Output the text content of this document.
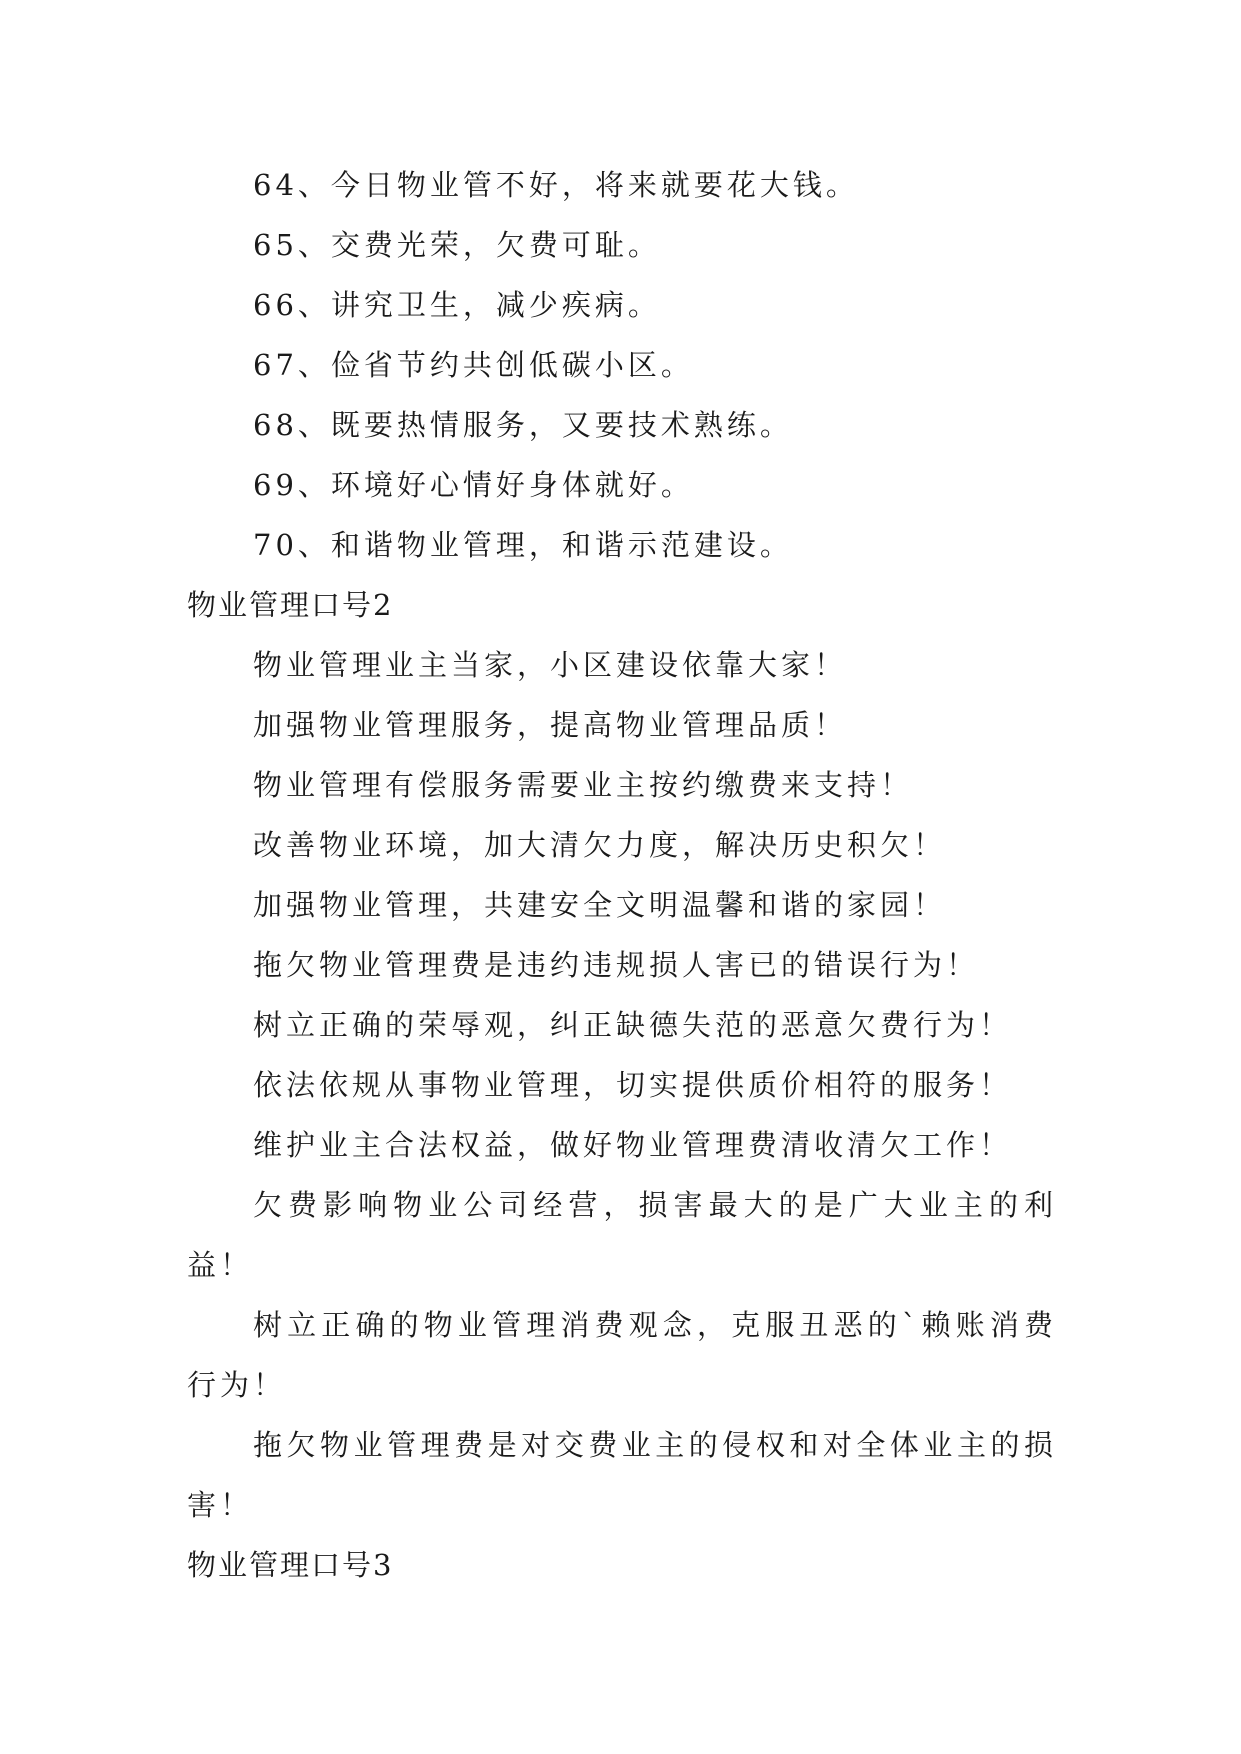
64、今日物业管不好，将来就要花大钱。
65、交费光荣，欠费可耻。
66、讲究卫生，减少疾病。
67、俭省节约共创低碳小区。
68、既要热情服务，又要技术熟练。
69、环境好心情好身体就好。
70、和谐物业管理，和谐示范建设。
物业管理口号2
物业管理业主当家，小区建设依靠大家！
加强物业管理服务，提高物业管理品质！
物业管理有偿服务需要业主按约缴费来支持！
改善物业环境，加大清欠力度，解决历史积欠！
加强物业管理，共建安全文明温馨和谐的家园！
拖欠物业管理费是违约违规损人害已的错误行为！
树立正确的荣辱观，纠正缺德失范的恶意欠费行为！
依法依规从事物业管理，切实提供质价相符的服务！
维护业主合法权益，做好物业管理费清收清欠工作！

欠费影响物业公司经营，损害最大的是广大业主的利益！

树立正确的物业管理消费观念，克服丑恶的`赖账消费行为！

拖欠物业管理费是对交费业主的侵权和对全体业主的损害！

物业管理口号3
